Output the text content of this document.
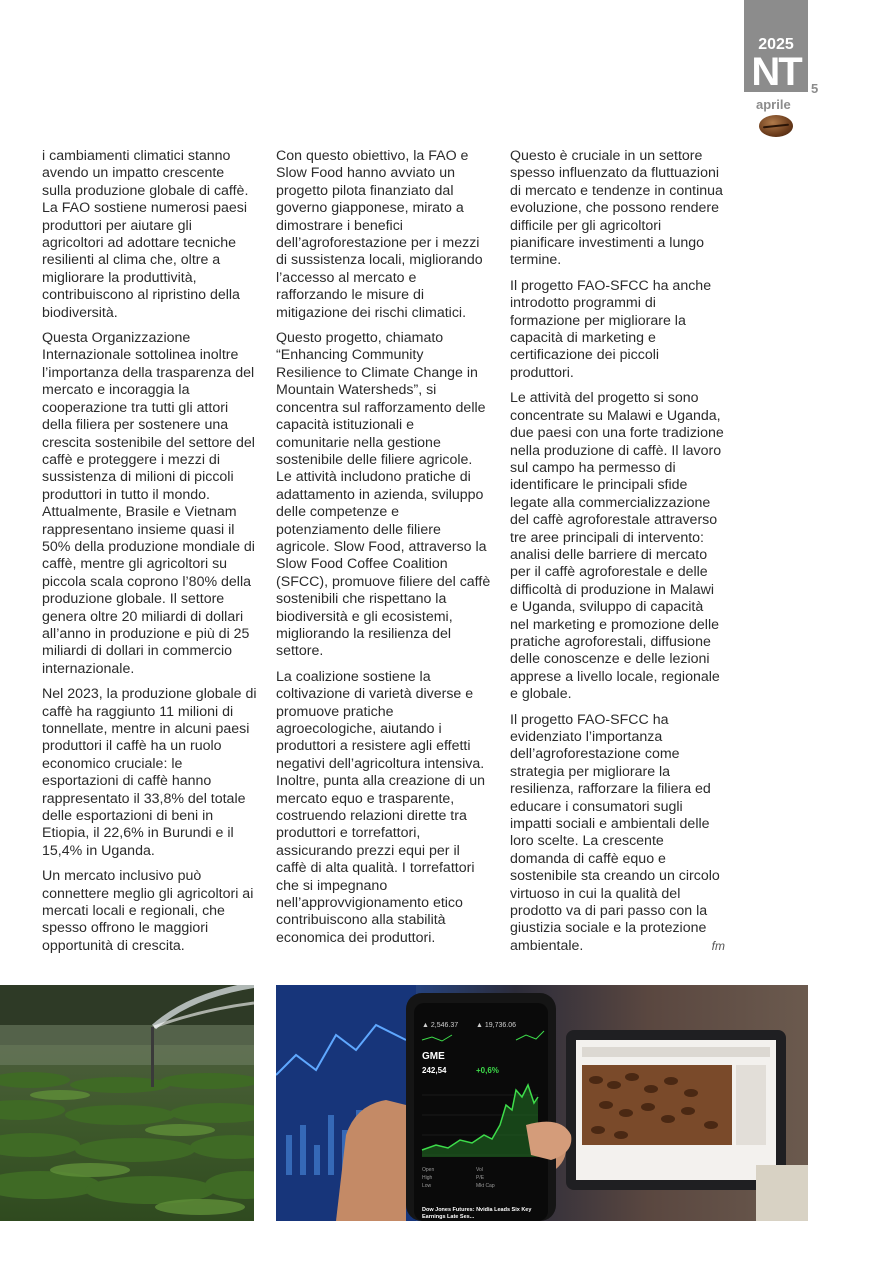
2025
NT
aprile
5

i cambiamenti climatici stanno avendo un impatto crescente sulla produzione globale di caffè. La FAO sostiene numerosi paesi produttori per aiutare gli agricoltori ad adottare tecniche resilienti al clima che, oltre a migliorare la produttività, contribuiscono al ripristino della biodiversità.

Questa Organizzazione Internazionale sottolinea inoltre l’importanza della trasparenza del mercato e incoraggia la cooperazione tra tutti gli attori della filiera per sostenere una crescita sostenibile del settore del caffè e proteggere i mezzi di sussistenza di milioni di piccoli produttori in tutto il mondo. Attualmente, Brasile e Vietnam rappresentano insieme quasi il 50% della produzione mondiale di caffè, mentre gli agricoltori su piccola scala coprono l’80% della produzione globale. Il settore genera oltre 20 miliardi di dollari all’anno in produzione e più di 25 miliardi di dollari in commercio internazionale.

Nel 2023, la produzione globale di caffè ha raggiunto 11 milioni di tonnellate, mentre in alcuni paesi produttori il caffè ha un ruolo economico cruciale: le esportazioni di caffè hanno rappresentato il 33,8% del totale delle esportazioni di beni in Etiopia, il 22,6% in Burundi e il 15,4% in Uganda.

Un mercato inclusivo può connettere meglio gli agricoltori ai mercati locali e regionali, che spesso offrono le maggiori opportunità di crescita.

Con questo obiettivo, la FAO e Slow Food hanno avviato un progetto pilota finanziato dal governo giapponese, mirato a dimostrare i benefici dell’agroforestazione per i mezzi di sussistenza locali, migliorando l’accesso al mercato e rafforzando le misure di mitigazione dei rischi climatici.

Questo progetto, chiamato “Enhancing Community Resilience to Climate Change in Mountain Watersheds”, si concentra sul rafforzamento delle capacità istituzionali e comunitarie nella gestione sostenibile delle filiere agricole. Le attività includono pratiche di adattamento in azienda, sviluppo delle competenze e potenziamento delle filiere agricole. Slow Food, attraverso la Slow Food Coffee Coalition (SFCC), promuove filiere del caffè sostenibili che rispettano la biodiversità e gli ecosistemi, migliorando la resilienza del settore.

La coalizione sostiene la coltivazione di varietà diverse e promuove pratiche agroecologiche, aiutando i produttori a resistere agli effetti negativi dell’agricoltura intensiva. Inoltre, punta alla creazione di un mercato equo e trasparente, costruendo relazioni dirette tra produttori e torrefattori, assicurando prezzi equi per il caffè di alta qualità. I torrefattori che si impegnano nell’approvvigionamento etico contribuiscono alla stabilità economica dei produttori.

Questo è cruciale in un settore spesso influenzato da fluttuazioni di mercato e tendenze in continua evoluzione, che possono rendere difficile per gli agricoltori pianificare investimenti a lungo termine.

Il progetto FAO-SFCC ha anche introdotto programmi di formazione per migliorare la capacità di marketing e certificazione dei piccoli produttori.

Le attività del progetto si sono concentrate su Malawi e Uganda, due paesi con una forte tradizione nella produzione di caffè. Il lavoro sul campo ha permesso di identificare le principali sfide legate alla commercializzazione del caffè agroforestale attraverso tre aree principali di intervento: analisi delle barriere di mercato per il caffè agroforestale e delle difficoltà di produzione in Malawi e Uganda, sviluppo di capacità nel marketing e promozione delle pratiche agroforestali, diffusione delle conoscenze e delle lezioni apprese a livello locale, regionale e globale.

Il progetto FAO-SFCC ha evidenziato l’importanza dell’agroforestazione come strategia per migliorare la resilienza, rafforzare la filiera ed educare i consumatori sugli impatti sociali e ambientali delle loro scelte. La crescente domanda di caffè equo e sostenibile sta creando un circolo virtuoso in cui la qualità del prodotto va di pari passo con la giustizia sociale e la protezione ambientale.	fm

▲ 2,546.37	▲ 19,736.06
GME
242,54	+0,6%
Open
High
Low
Vol
P/E
Mkt Cap
Dow Jones Futures: Nvidia Leads Six Key
Earnings Late Ses...
